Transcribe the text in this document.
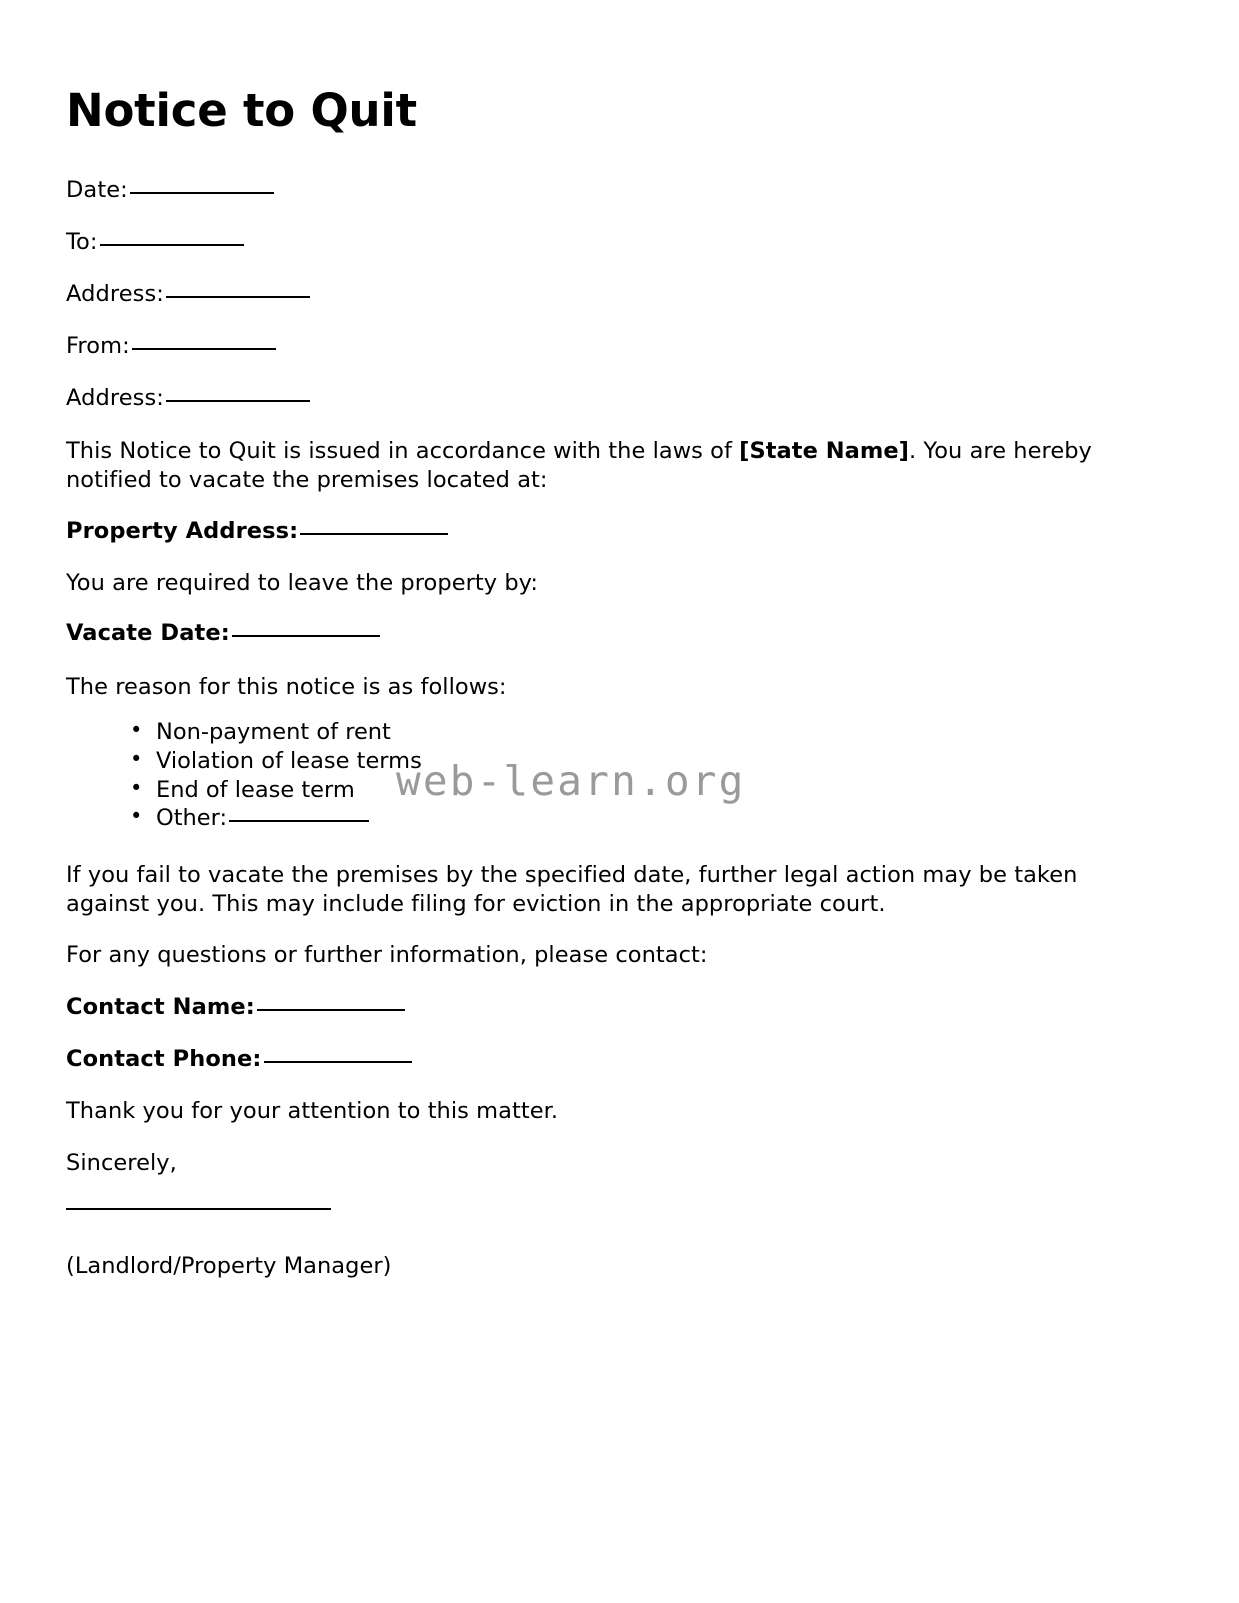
Notice to Quit
Date:
To:
Address:
From:
Address:
This Notice to Quit is issued in accordance with the laws of [State Name]. You are hereby notified to vacate the premises located at:
Property Address:
You are required to leave the property by:
Vacate Date:
The reason for this notice is as follows:
• Non-payment of rent
• Violation of lease terms
• End of lease term
• Other:
If you fail to vacate the premises by the specified date, further legal action may be taken against you. This may include filing for eviction in the appropriate court.
For any questions or further information, please contact:
Contact Name:
Contact Phone:
Thank you for your attention to this matter.
Sincerely,
(Landlord/Property Manager)
web-learn.org
